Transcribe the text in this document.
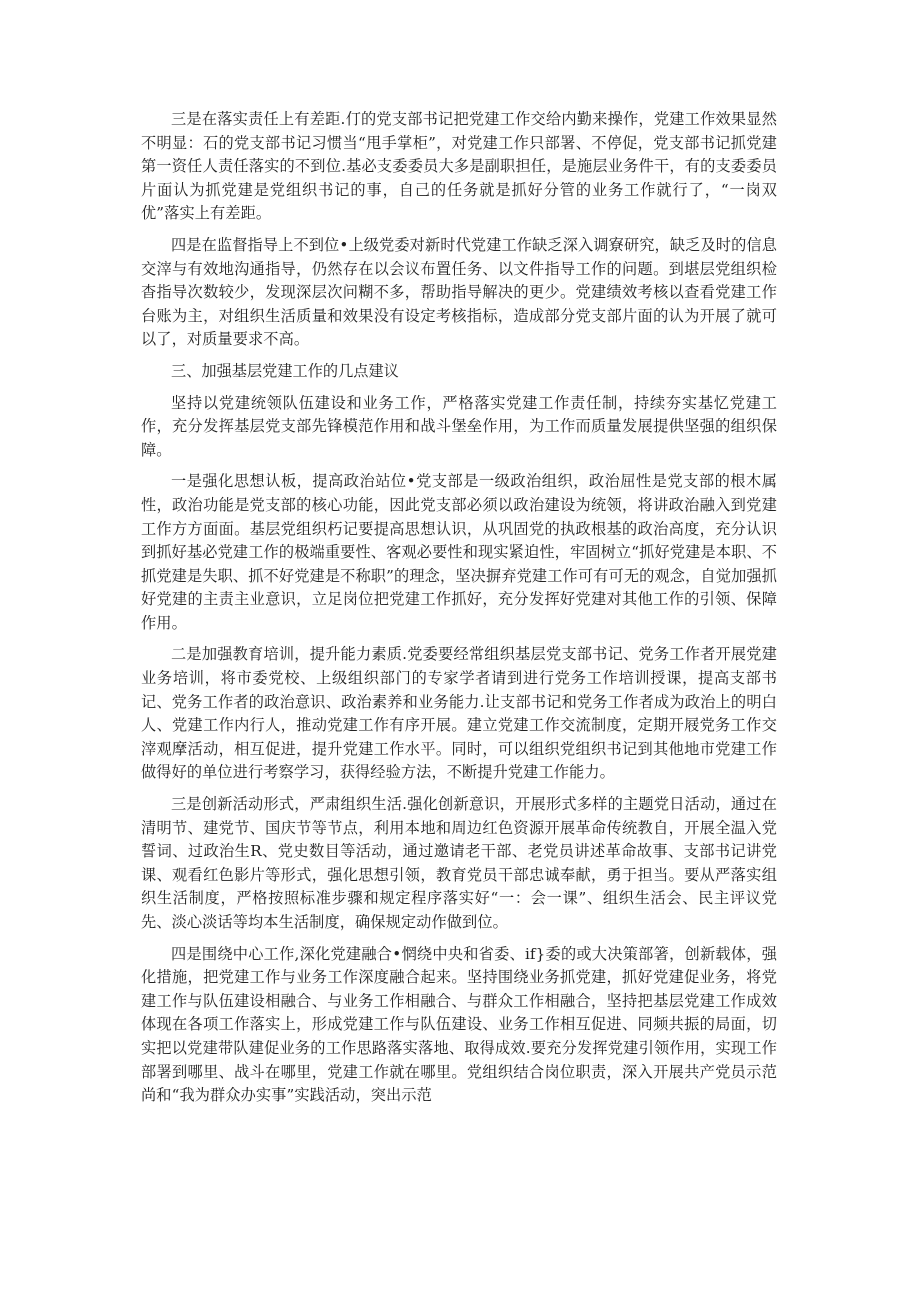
三是在落实责任上有差距.仃的党支部书记把党建工作交给内勤来操作，党建工作效果显然不明显：石的党支部书记习惯当“甩手掌柜”，对党建工作只部署、不停促，党支部书记抓党建第一资任人责任落实的不到位.基必支委委员大多是副职担任，是施层业务件干，有的支委委员片面认为抓党建是党组织书记的事，自己的任务就是抓好分管的业务工作就行了，“一岗双优”落实上有差距。

四是在监督指导上不到位•上级党委对新时代党建工作缺乏深入调寮研究，缺乏及时的信息交滓与有效地沟通指导，仍然存在以会议布置任务、以文件指导工作的问题。到堪层党组织检杳指导次数较少，发现深层次问糊不多，帮助指导解决的更少。党建绩效考核以查看党建工作台账为主，对组织生活质量和效果没有设定考核指标，造成部分党支部片面的认为开展了就可以了，对质量要求不高。

三、加强基层党建工作的几点建议

坚持以党建统领队伍建设和业务工作，严格落实党建工作责任制，持续夯实基忆党建工作，充分发挥基层党支部先锋模范作用和战斗堡垒作用，为工作而质量发展提供坚强的组织保障。

一是强化思想认板，提高政治站位•党支部是一级政治组织，政治屈性是党支部的根木属性，政治功能是党支部的核心功能，因此党支部必须以政治建设为统领，将讲政治融入到党建工作方方面面。基层党组织朽记要提高思想认识，从巩固党的执政根基的政治高度，充分认识到抓好基必党建工作的极端重要性、客观必要性和现实紧迫性，牢固树立“抓好党建是本职、不抓党建是失职、抓不好党建是不称职”的理念，坚决摒弃党建工作可有可无的观念，自觉加强抓好党建的主责主业意识，立足岗位把党建工作抓好，充分发挥好党建对其他工作的引领、保障作用。

二是加强教育培训，提升能力素质.党委要经常组织基层党支部书记、党务工作者开展党建业务培训，将市委党校、上级组织部门的专家学者请到进行党务工作培训授课，提高支部书记、党务工作者的政治意识、政治素养和业务能力.让支部书记和党务工作者成为政治上的明白人、党建工作内行人，推动党建工作有序开展。建立党建工作交流制度，定期开屐党务工作交滓观摩活动，相互促进，提升党建工作水平。同时，可以组织党组织书记到其他地市党建工作做得好的单位进行考察学习，获得经验方法，不断提升党建工作能力。

三是创新活动形式，严肃组织生活.强化创新意识，开展形式多样的主题党日活动，通过在清明节、建党节、国庆节等节点，利用本地和周边红色资源开展革命传统教自，开展全温入党誓词、过政治生R、党史数目等活动，通过邀请老干部、老党员讲述革命故事、支部书记讲党课、观看红色影片等形式，强化思想引领，教育党员干部忠诚奉献，勇于担当。要从严落实组织生活制度，严格按照标准步骤和规定程序落实好“一：会一课”、组织生活会、民主评议党先、淡心淡话等均本生活制度，确保规定动作做到位。

四是围绕中心工作,深化党建融合•惘绕中央和省委、if}委的或大决策部箸，创新载体，强化措施，把党建工作与业务工作深度融合起来。坚持围绕业务抓党建，抓好党建促业务，将党建工作与队伍建设相融合、与业务工作相融合、与群众工作相融合，坚持把基层党建工作成效体现在各项工作落实上，形成党建工作与队伍建设、业务工作相互促进、同频共振的局面，切实把以党建带队建促业务的工作思路落实落地、取得成效.要充分发挥党建引领作用，实现工作部署到哪里、战斗在哪里，党建工作就在哪里。党组织结合岗位职责，深入开展共产党员示范尚和“我为群众办实事”实践活动，突出示范
